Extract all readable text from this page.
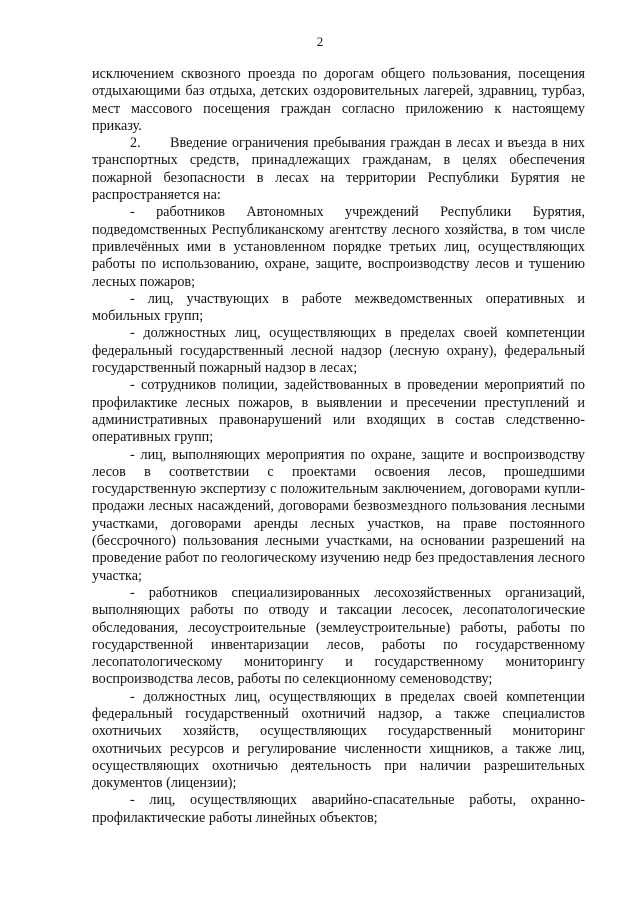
2

исключением сквозного проезда по дорогам общего пользования, посещения отдыхающими баз отдыха, детских оздоровительных лагерей, здравниц, турбаз, мест массового посещения граждан согласно приложению к настоящему приказу.

2. Введение ограничения пребывания граждан в лесах и въезда в них транспортных средств, принадлежащих гражданам, в целях обеспечения пожарной безопасности в лесах на территории Республики Бурятия не распространяется на:

- работников Автономных учреждений Республики Бурятия, подведомственных Республиканскому агентству лесного хозяйства, в том числе привлечённых ими в установленном порядке третьих лиц, осуществляющих работы по использованию, охране, защите, воспроизводству лесов и тушению лесных пожаров;

- лиц, участвующих в работе межведомственных оперативных и мобильных групп;

- должностных лиц, осуществляющих в пределах своей компетенции федеральный государственный лесной надзор (лесную охрану), федеральный государственный пожарный надзор в лесах;

- сотрудников полиции, задействованных в проведении мероприятий по профилактике лесных пожаров, в выявлении и пресечении преступлений и административных правонарушений или входящих в состав следственно-оперативных групп;

- лиц, выполняющих мероприятия по охране, защите и воспроизводству лесов в соответствии с проектами освоения лесов, прошедшими государственную экспертизу с положительным заключением, договорами купли-продажи лесных насаждений, договорами безвозмездного пользования лесными участками, договорами аренды лесных участков, на праве постоянного (бессрочного) пользования лесными участками, на основании разрешений на проведение работ по геологическому изучению недр без предоставления лесного участка;

- работников специализированных лесохозяйственных организаций, выполняющих работы по отводу и таксации лесосек, лесопатологические обследования, лесоустроительные (землеустроительные) работы, работы по государственной инвентаризации лесов, работы по государственному лесопатологическому мониторингу и государственному мониторингу воспроизводства лесов, работы по селекционному семеноводству;

- должностных лиц, осуществляющих в пределах своей компетенции федеральный государственный охотничий надзор, а также специалистов охотничьих хозяйств, осуществляющих государственный мониторинг охотничьих ресурсов и регулирование численности хищников, а также лиц, осуществляющих охотничью деятельность при наличии разрешительных документов (лицензии);

- лиц, осуществляющих аварийно-спасательные работы, охранно-профилактические работы линейных объектов;
